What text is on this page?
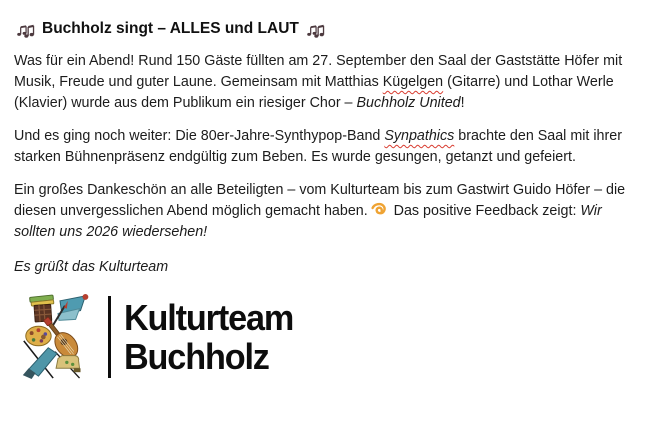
Buchholz singt – ALLES und LAUT

Was für ein Abend! Rund 150 Gäste füllten am 27. September den Saal der Gaststätte Höfer mit Musik, Freude und guter Laune. Gemeinsam mit Matthias Kügelgen (Gitarre) und Lothar Werle (Klavier) wurde aus dem Publikum ein riesiger Chor – Buchholz United!

Und es ging noch weiter: Die 80er-Jahre-Synthypop-Band Synpathics brachte den Saal mit ihrer starken Bühnenpräsenz endgültig zum Beben. Es wurde gesungen, getanzt und gefeiert.

Ein großes Dankeschön an alle Beteiligten – vom Kulturteam bis zum Gastwirt Guido Höfer – die diesen unvergesslichen Abend möglich gemacht haben.
Das positive Feedback zeigt: Wir sollten uns 2026 wiedersehen!

Es grüßt das Kulturteam

Kulturteam
Buchholz
